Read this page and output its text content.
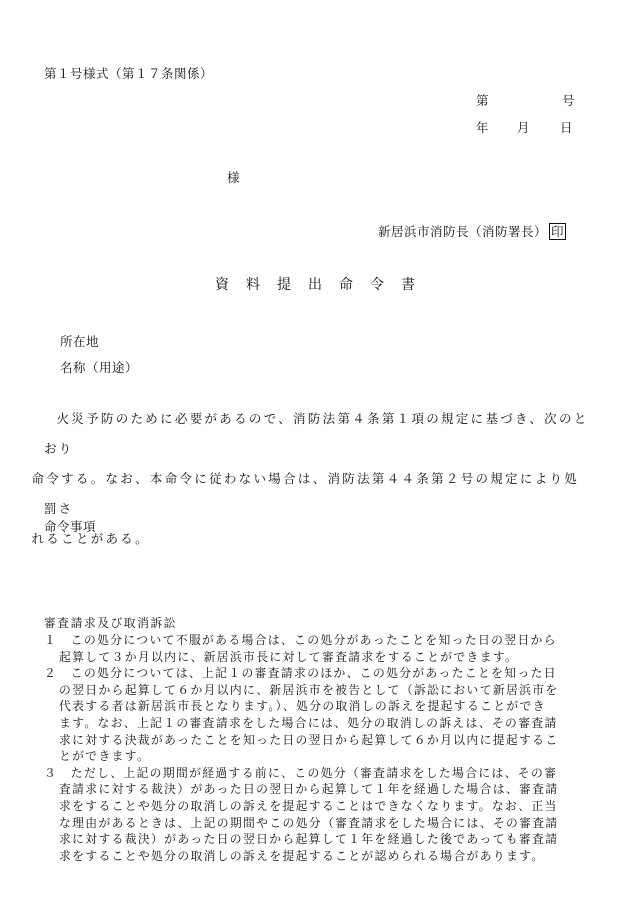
第１号様式（第１７条関係）
第	号
年 月 日
様
新居浜市消防長（消防署長） 印
資料提出命令書
所在地
名称（用途）
火災予防のために必要があるので、消防法第４条第１項の規定に基づき、次のとおり
命令する。なお、本命令に従わない場合は、消防法第４４条第２号の規定により処罰さ
れることがある。
命令事項
審査請求及び取消訴訟
１	この処分について不服がある場合は、この処分があったことを知った日の翌日から
起算して３か月以内に、新居浜市長に対して審査請求をすることができます。
２	この処分については、上記１の審査請求のほか、この処分があったことを知った日
の翌日から起算して６か月以内に、新居浜市を被告として（訴訟において新居浜市を
代表する者は新居浜市長となります。）、処分の取消しの訴えを提起することができ
ます。なお、上記１の審査請求をした場合には、処分の取消しの訴えは、その審査請
求に対する決裁があったことを知った日の翌日から起算して６か月以内に提起するこ
とができます。
３	ただし、上記の期間が経過する前に、この処分（審査請求をした場合には、その審
査請求に対する裁決）があった日の翌日から起算して１年を経過した場合は、審査請
求をすることや処分の取消しの訴えを提起することはできなくなります。なお、正当
な理由があるときは、上記の期間やこの処分（審査請求をした場合には、その審査請
求に対する裁決）があった日の翌日から起算して１年を経過した後であっても審査請
求をすることや処分の取消しの訴えを提起することが認められる場合があります。
